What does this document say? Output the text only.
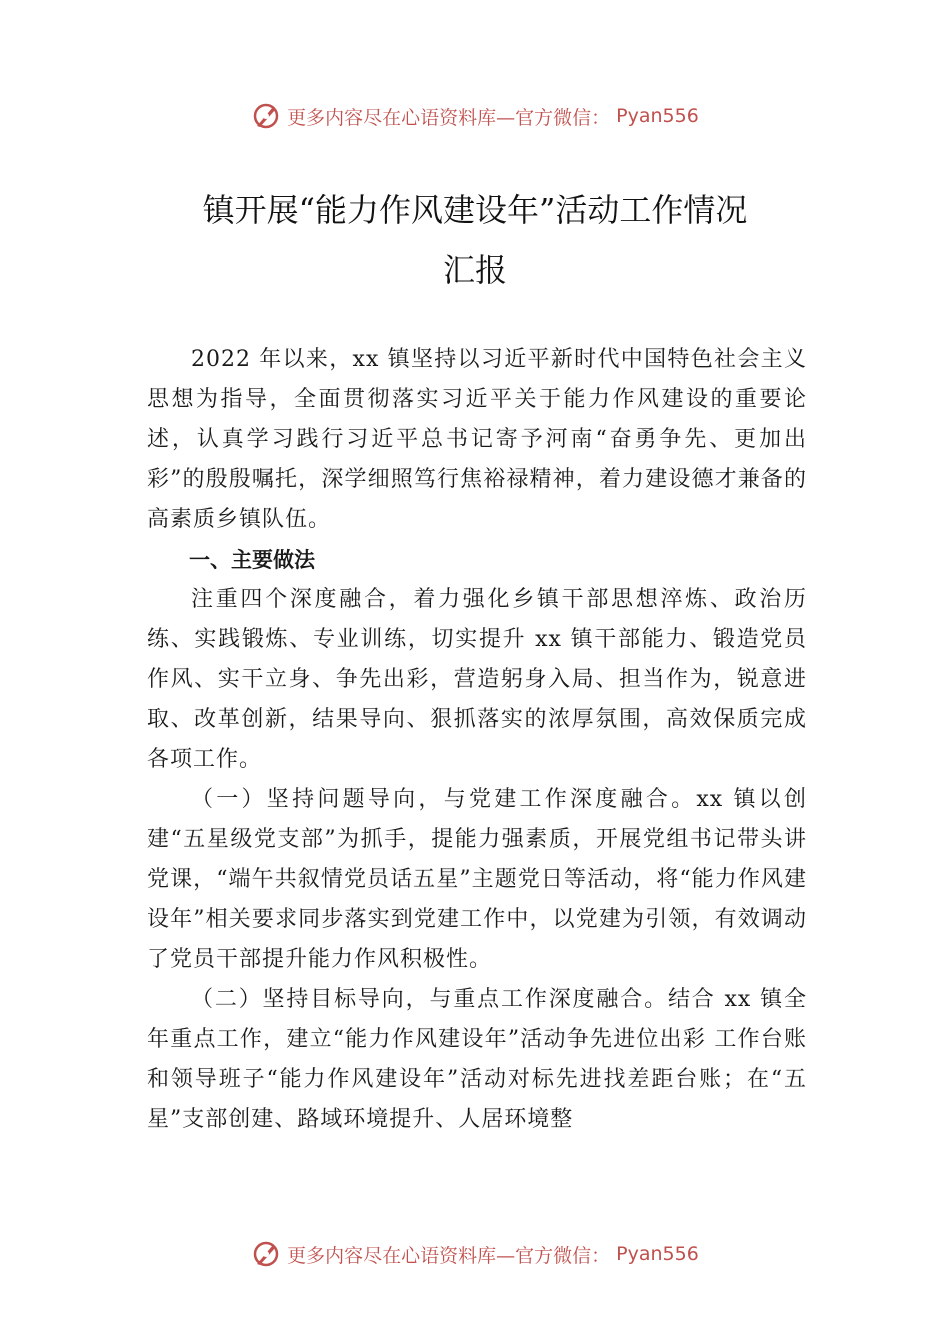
更多内容尽在心语资料库—官方微信： Pyan556
镇开展“能力作风建设年”活动工作情况
汇报

2022 年以来，xx 镇坚持以习近平新时代中国特色社会主义思想为指导，全面贯彻落实习近平关于能力作风建设的重要论述，认真学习践行习近平总书记寄予河南“奋勇争先、更加出彩”的殷殷嘱托，深学细照笃行焦裕禄精神，着力建设德才兼备的高素质乡镇队伍。

一、主要做法

注重四个深度融合，着力强化乡镇干部思想淬炼、政治历练、实践锻炼、专业训练，切实提升 xx 镇干部能力、锻造党员作风、实干立身、争先出彩，营造躬身入局、担当作为，锐意进取、改革创新，结果导向、狠抓落实的浓厚氛围，高效保质完成各项工作。

（一）坚持问题导向，与党建工作深度融合。xx 镇以创建“五星级党支部”为抓手，提能力强素质，开展党组书记带头讲党课，“端午共叙情党员话五星”主题党日等活动，将“能力作风建设年”相关要求同步落实到党建工作中，以党建为引领，有效调动了党员干部提升能力作风积极性。

（二）坚持目标导向，与重点工作深度融合。结合 xx 镇全年重点工作，建立“能力作风建设年”活动争先进位出彩 工作台账和领导班子“能力作风建设年”活动对标先进找差距台账；在“五星”支部创建、路域环境提升、人居环境整

更多内容尽在心语资料库—官方微信： Pyan556
